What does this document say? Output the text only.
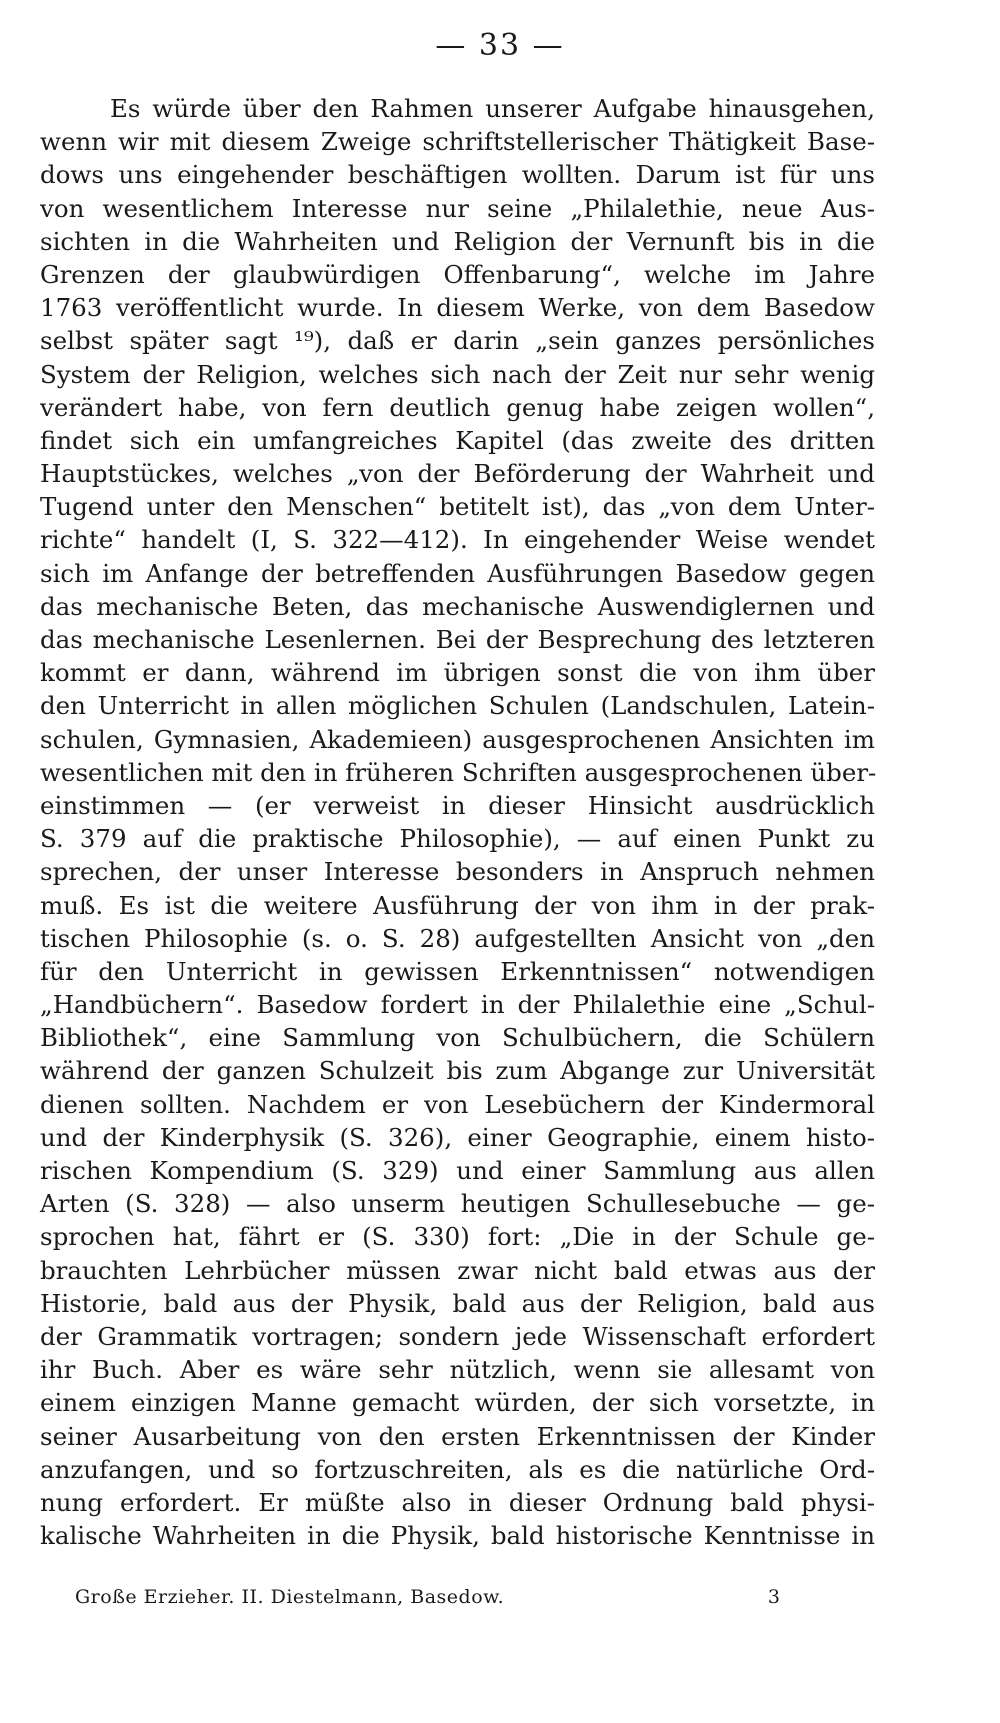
— 33 —
Es würde über den Rahmen unserer Aufgabe hinausgehen,
wenn wir mit diesem Zweige schriftstellerischer Thätigkeit Base-
dows uns eingehender beschäftigen wollten. Darum ist für uns
von wesentlichem Interesse nur seine „Philalethie, neue Aus-
sichten in die Wahrheiten und Religion der Vernunft bis in die
Grenzen der glaubwürdigen Offenbarung“, welche im Jahre
1763 veröffentlicht wurde. In diesem Werke, von dem Basedow
selbst später sagt ¹⁹), daß er darin „sein ganzes persönliches
System der Religion, welches sich nach der Zeit nur sehr wenig
verändert habe, von fern deutlich genug habe zeigen wollen“,
findet sich ein umfangreiches Kapitel (das zweite des dritten
Hauptstückes, welches „von der Beförderung der Wahrheit und
Tugend unter den Menschen“ betitelt ist), das „von dem Unter-
richte“ handelt (I, S. 322—412). In eingehender Weise wendet
sich im Anfange der betreffenden Ausführungen Basedow gegen
das mechanische Beten, das mechanische Auswendiglernen und
das mechanische Lesenlernen. Bei der Besprechung des letzteren
kommt er dann, während im übrigen sonst die von ihm über
den Unterricht in allen möglichen Schulen (Landschulen, Latein-
schulen, Gymnasien, Akademieen) ausgesprochenen Ansichten im
wesentlichen mit den in früheren Schriften ausgesprochenen über-
einstimmen — (er verweist in dieser Hinsicht ausdrücklich
S. 379 auf die praktische Philosophie), — auf einen Punkt zu
sprechen, der unser Interesse besonders in Anspruch nehmen
muß. Es ist die weitere Ausführung der von ihm in der prak-
tischen Philosophie (s. o. S. 28) aufgestellten Ansicht von „den
für den Unterricht in gewissen Erkenntnissen“ notwendigen
„Handbüchern“. Basedow fordert in der Philalethie eine „Schul-
Bibliothek“, eine Sammlung von Schulbüchern, die Schülern
während der ganzen Schulzeit bis zum Abgange zur Universität
dienen sollten. Nachdem er von Lesebüchern der Kindermoral
und der Kinderphysik (S. 326), einer Geographie, einem histo-
rischen Kompendium (S. 329) und einer Sammlung aus allen
Arten (S. 328) — also unserm heutigen Schullesebuche — ge-
sprochen hat, fährt er (S. 330) fort: „Die in der Schule ge-
brauchten Lehrbücher müssen zwar nicht bald etwas aus der
Historie, bald aus der Physik, bald aus der Religion, bald aus
der Grammatik vortragen; sondern jede Wissenschaft erfordert
ihr Buch. Aber es wäre sehr nützlich, wenn sie allesamt von
einem einzigen Manne gemacht würden, der sich vorsetzte, in
seiner Ausarbeitung von den ersten Erkenntnissen der Kinder
anzufangen, und so fortzuschreiten, als es die natürliche Ord-
nung erfordert. Er müßte also in dieser Ordnung bald physi-
kalische Wahrheiten in die Physik, bald historische Kenntnisse in
Große Erzieher. II. Diestelmann, Basedow.	3
